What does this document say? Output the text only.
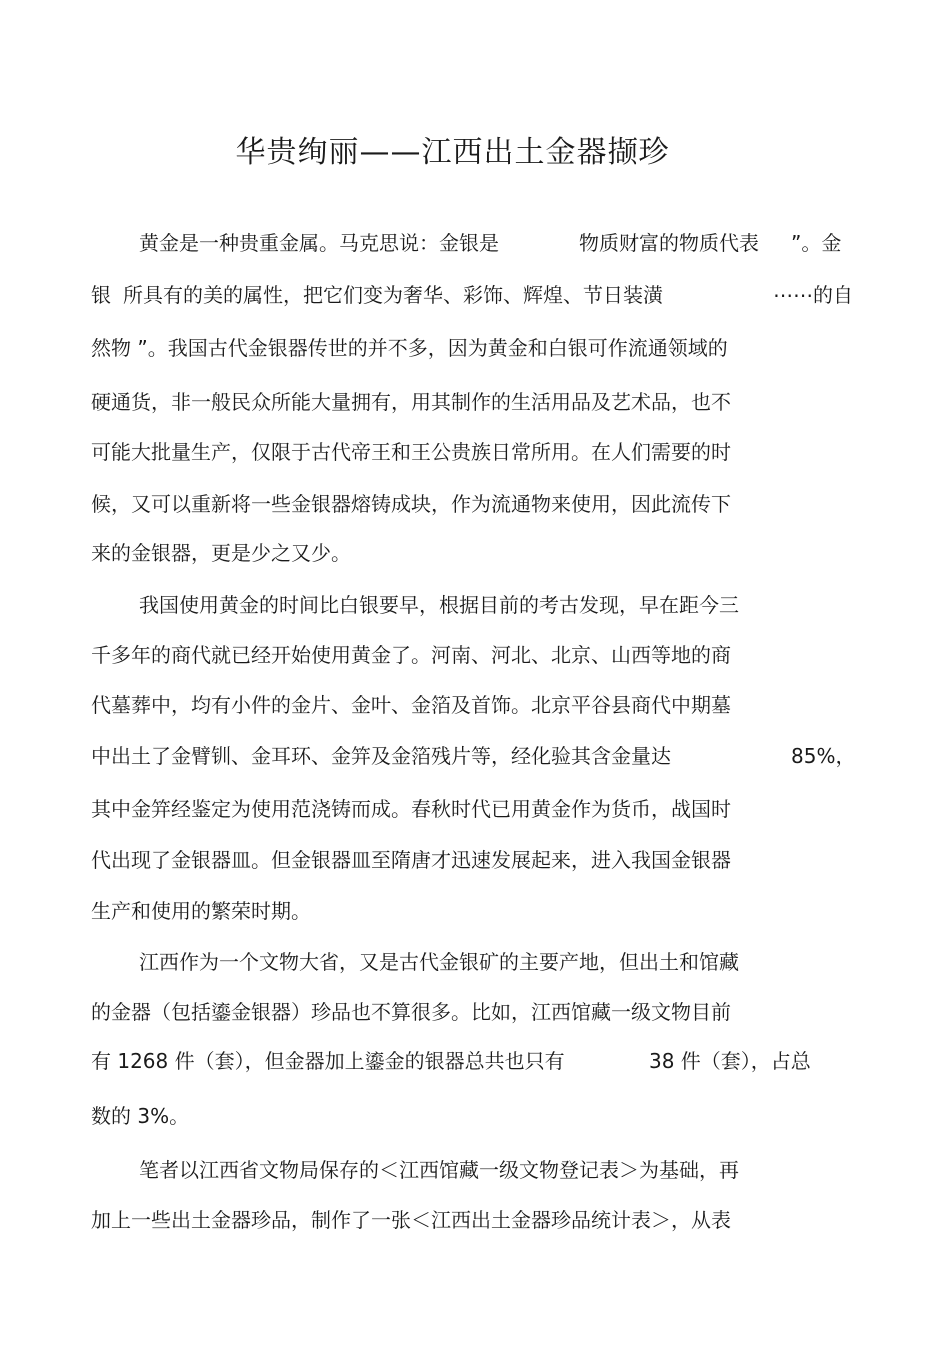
华贵绚丽——江西出土金器撷珍
黄金是一种贵重金属。马克思说：金银是	物质财富的物质代表 ”。金
银 所具有的美的属性，把它们变为奢华、彩饰、辉煌、节日装潢	⋯⋯的自
然物 ”。我国古代金银器传世的并不多，因为黄金和白银可作流通领域的
硬通货，非一般民众所能大量拥有，用其制作的生活用品及艺术品，也不
可能大批量生产，仅限于古代帝王和王公贵族日常所用。在人们需要的时
候，又可以重新将一些金银器熔铸成块，作为流通物来使用，因此流传下
来的金银器，更是少之又少。
我国使用黄金的时间比白银要早，根据目前的考古发现，早在距今三
千多年的商代就已经开始使用黄金了。河南、河北、北京、山西等地的商
代墓葬中，均有小件的金片、金叶、金箔及首饰。北京平谷县商代中期墓
中出土了金臂钏、金耳环、金笄及金箔残片等，经化验其含金量达	85%，
其中金笄经鉴定为使用范浇铸而成。春秋时代已用黄金作为货币，战国时
代出现了金银器皿。但金银器皿至隋唐才迅速发展起来，进入我国金银器
生产和使用的繁荣时期。
江西作为一个文物大省，又是古代金银矿的主要产地，但出土和馆藏
的金器（包括鎏金银器）珍品也不算很多。比如，江西馆藏一级文物目前
有 1268 件（套），但金器加上鎏金的银器总共也只有	38 件（套），占总
数的 3%。
笔者以江西省文物局保存的＜江西馆藏一级文物登记表＞为基础，再
加上一些出土金器珍品，制作了一张＜江西出土金器珍品统计表＞，从表
